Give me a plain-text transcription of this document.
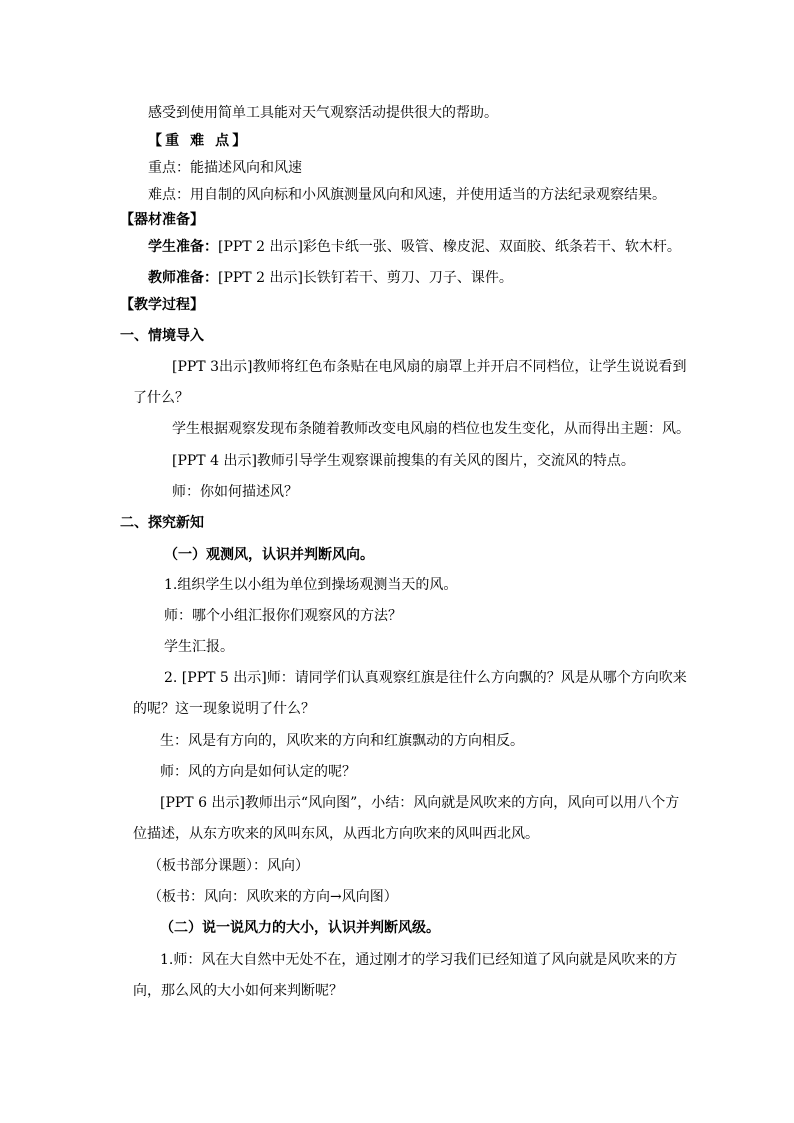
感受到使用简单工具能对天气观察活动提供很大的帮助。
【重 难 点】
重点：能描述风向和风速
难点：用自制的风向标和小风旗测量风向和风速，并使用适当的方法纪录观察结果。
【器材准备】
学生准备：[PPT 2 出示]彩色卡纸一张、吸管、橡皮泥、双面胶、纸条若干、软木杆。
教师准备：[PPT 2 出示]长铁钉若干、剪刀、刀子、课件。
【教学过程】
一、情境导入
[PPT 3出示]教师将红色布条贴在电风扇的扇罩上并开启不同档位，让学生说说看到
了什么？
学生根据观察发现布条随着教师改变电风扇的档位也发生变化，从而得出主题：风。
[PPT 4 出示]教师引导学生观察课前搜集的有关风的图片，交流风的特点。
师：你如何描述风？
二、探究新知
（一）观测风，认识并判断风向。
1.组织学生以小组为单位到操场观测当天的风。
师：哪个小组汇报你们观察风的方法？
学生汇报。
2. [PPT 5 出示]师：请同学们认真观察红旗是往什么方向飘的？风是从哪个方向吹来
的呢？这一现象说明了什么？
生：风是有方向的，风吹来的方向和红旗飘动的方向相反。
师：风的方向是如何认定的呢？
[PPT 6 出示]教师出示“风向图”，小结：风向就是风吹来的方向，风向可以用八个方
位描述，从东方吹来的风叫东风，从西北方向吹来的风叫西北风。
（板书部分课题）：风向）
（板书：风向：风吹来的方向→风向图）
（二）说一说风力的大小，认识并判断风级。
1.师：风在大自然中无处不在，通过刚才的学习我们已经知道了风向就是风吹来的方
向，那么风的大小如何来判断呢？
